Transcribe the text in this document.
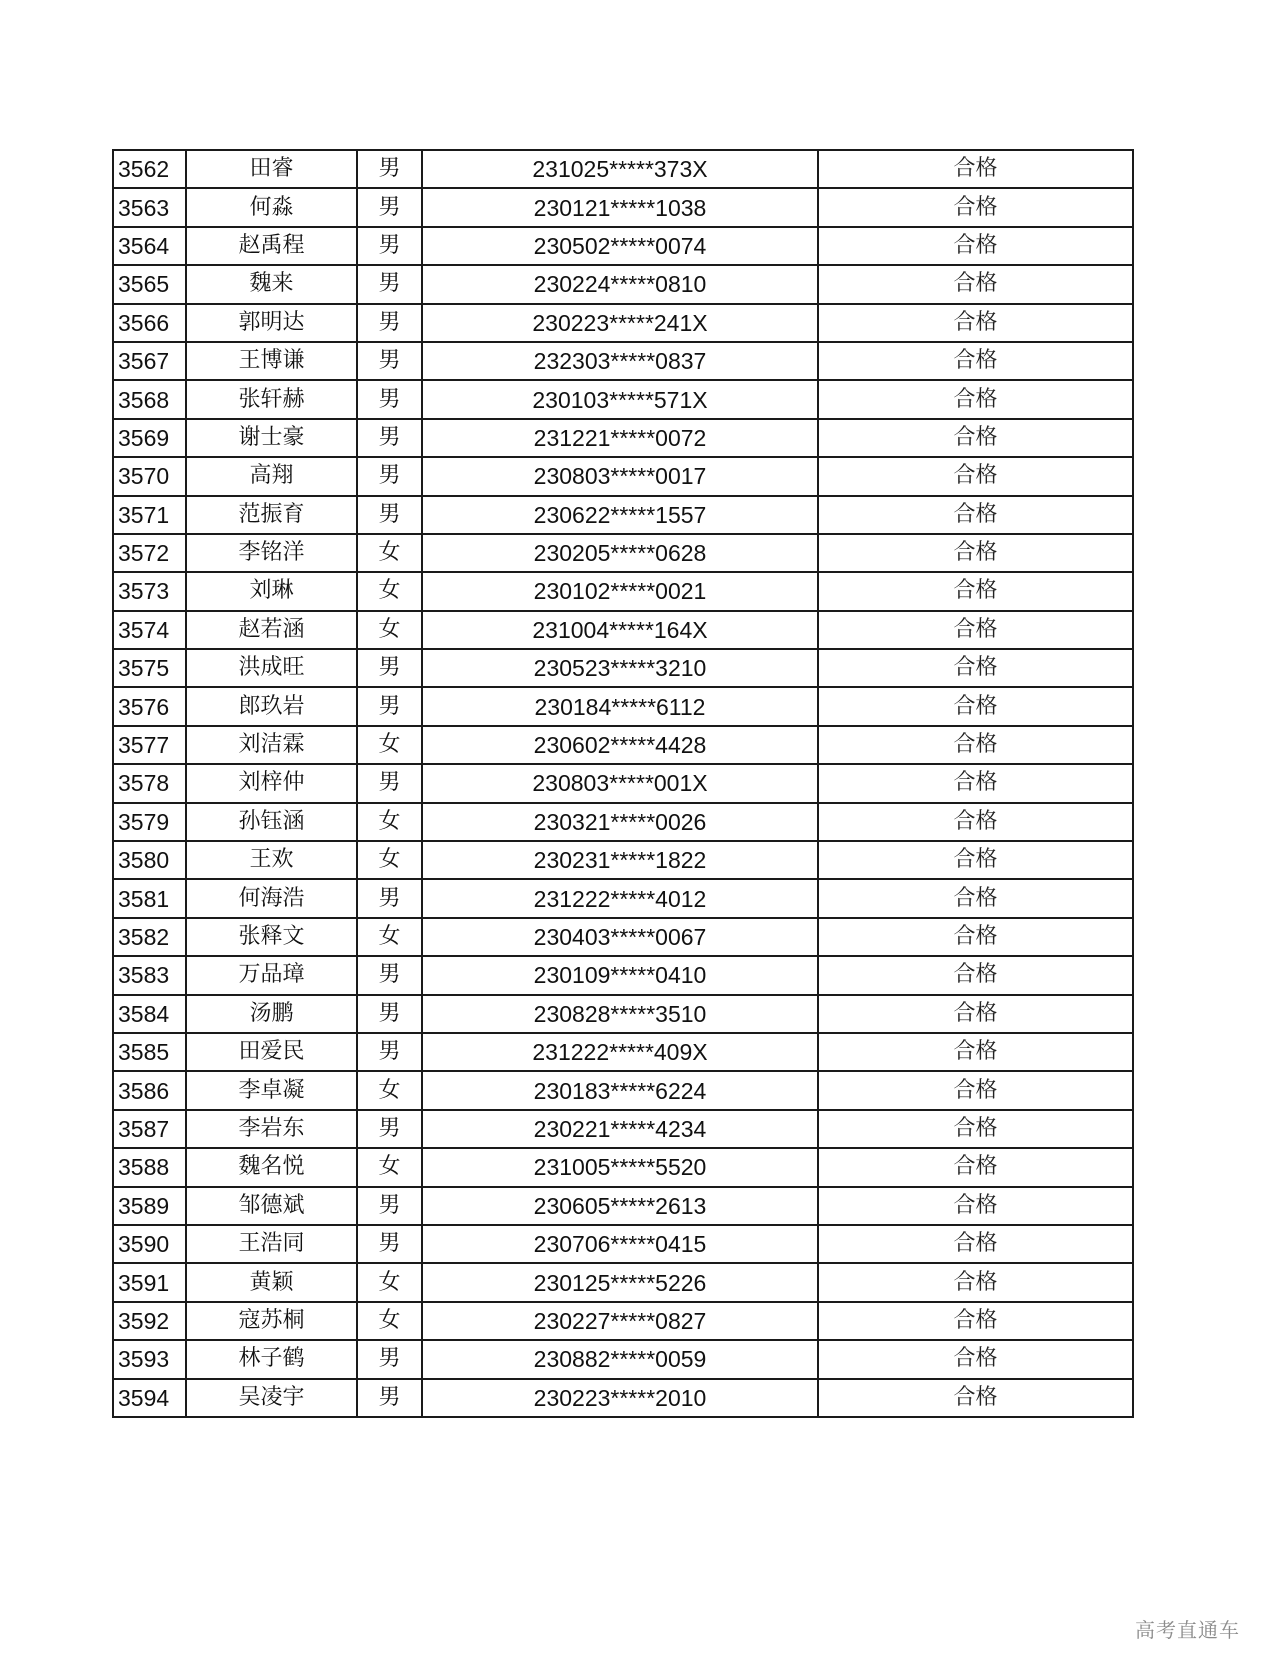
3562	田睿	男	231025*****373X	合格
3563	何淼	男	230121*****1038	合格
3564	赵禹程	男	230502*****0074	合格
3565	魏来	男	230224*****0810	合格
3566	郭明达	男	230223*****241X	合格
3567	王博谦	男	232303*****0837	合格
3568	张轩赫	男	230103*****571X	合格
3569	谢士豪	男	231221*****0072	合格
3570	高翔	男	230803*****0017	合格
3571	范振育	男	230622*****1557	合格
3572	李铭洋	女	230205*****0628	合格
3573	刘琳	女	230102*****0021	合格
3574	赵若涵	女	231004*****164X	合格
3575	洪成旺	男	230523*****3210	合格
3576	郎玖岩	男	230184*****6112	合格
3577	刘洁霖	女	230602*****4428	合格
3578	刘梓仲	男	230803*****001X	合格
3579	孙钰涵	女	230321*****0026	合格
3580	王欢	女	230231*****1822	合格
3581	何海浩	男	231222*****4012	合格
3582	张释文	女	230403*****0067	合格
3583	万品璋	男	230109*****0410	合格
3584	汤鹏	男	230828*****3510	合格
3585	田爱民	男	231222*****409X	合格
3586	李卓凝	女	230183*****6224	合格
3587	李岩东	男	230221*****4234	合格
3588	魏名悦	女	231005*****5520	合格
3589	邹德斌	男	230605*****2613	合格
3590	王浩同	男	230706*****0415	合格
3591	黄颖	女	230125*****5226	合格
3592	寇苏桐	女	230227*****0827	合格
3593	林子鹤	男	230882*****0059	合格
3594	吴凌宇	男	230223*****2010	合格
高考直通车
